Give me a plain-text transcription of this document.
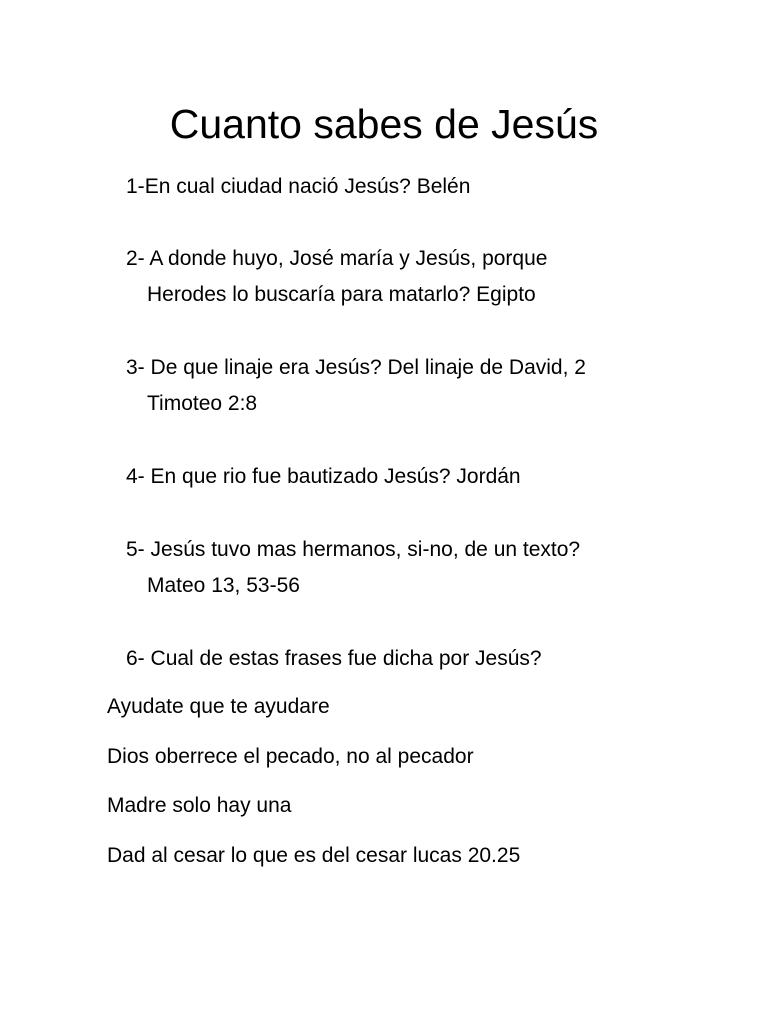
Cuanto sabes de Jesús
1-En cual ciudad nació Jesús? Belén
2- A donde huyo, José maría y Jesús, porque
Herodes lo buscaría para matarlo? Egipto
3- De que linaje era Jesús? Del linaje de David, 2
Timoteo 2:8
4- En que rio fue bautizado Jesús? Jordán
5- Jesús tuvo mas hermanos, si-no, de un texto?
Mateo 13, 53-56
6- Cual de estas frases fue dicha por Jesús?

Ayudate que te ayudare

Dios oberrece el pecado, no al pecador

Madre solo hay una

Dad al cesar lo que es del cesar lucas 20.25
